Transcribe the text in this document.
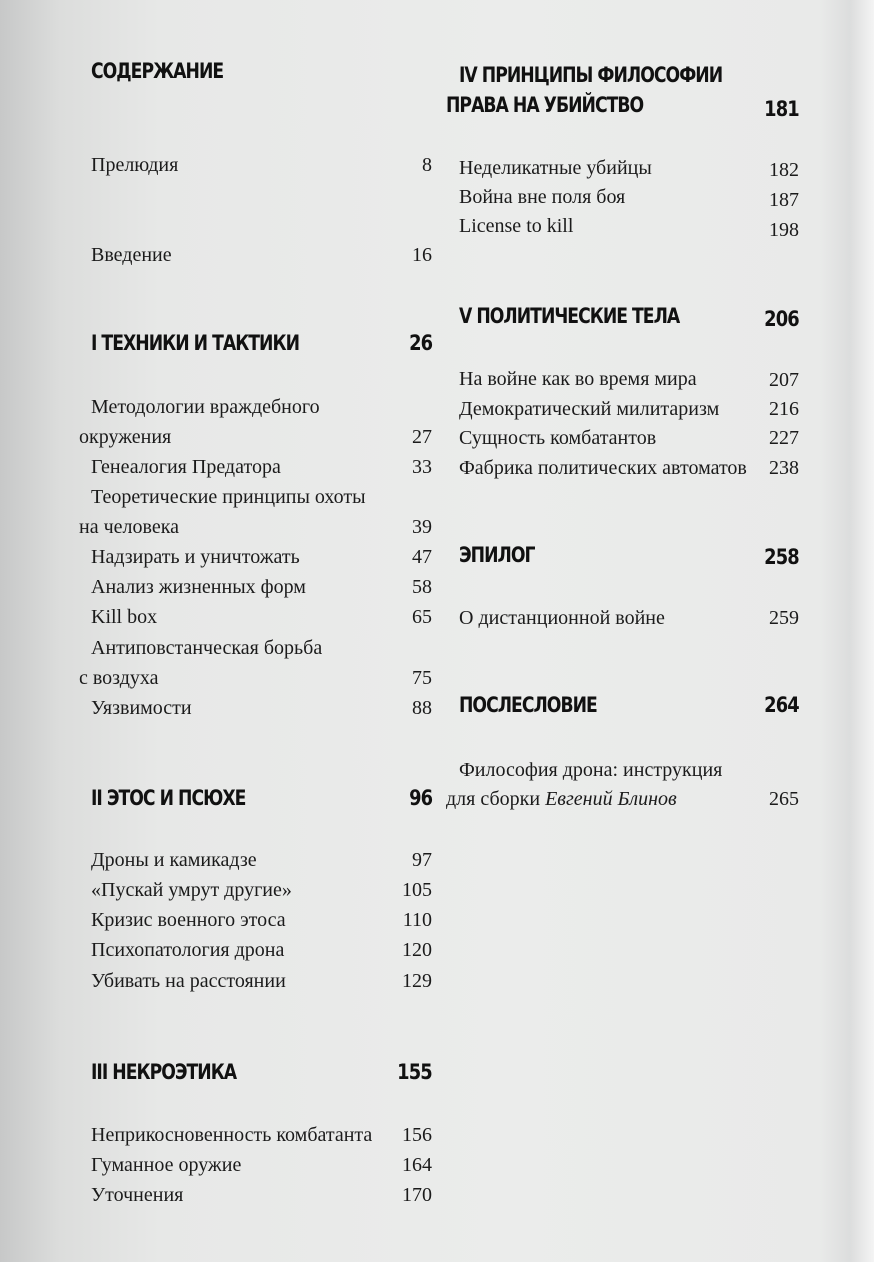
СОДЕРЖАНИЕ
Прелюдия	8
Введение	16
I ТЕХНИКИ И ТАКТИКИ	26
Методологии враждебного
окружения	27
Генеалогия Предатора	33
Теоретические принципы охоты
на человека	39
Надзирать и уничтожать	47
Анализ жизненных форм	58
Kill box	65
Антиповстанческая борьба
с воздуха	75
Уязвимости	88
II ЭТОС И ПСЮХЕ	96
Дроны и камикадзе	97
«Пускай умрут другие»	105
Кризис военного этоса	110
Психопатология дрона	120
Убивать на расстоянии	129
III НЕКРОЭТИКА	155
Неприкосновенность комбатанта 156
Гуманное оружие	164
Уточнения	170
IV ПРИНЦИПЫ ФИЛОСОФИИ
ПРАВА НА УБИЙСТВО	181
Неделикатные убийцы	182
Война вне поля боя	187
License to kill	198
V ПОЛИТИЧЕСКИЕ ТЕЛА	206
На войне как во время мира	207
Демократический милитаризм 216
Сущность комбатантов	227
Фабрика политических автоматов 238
ЭПИЛОГ	258
О дистанционной войне	259
ПОСЛЕСЛОВИЕ	264
Философия дрона: инструкция
для сборки Евгений Блинов	265
